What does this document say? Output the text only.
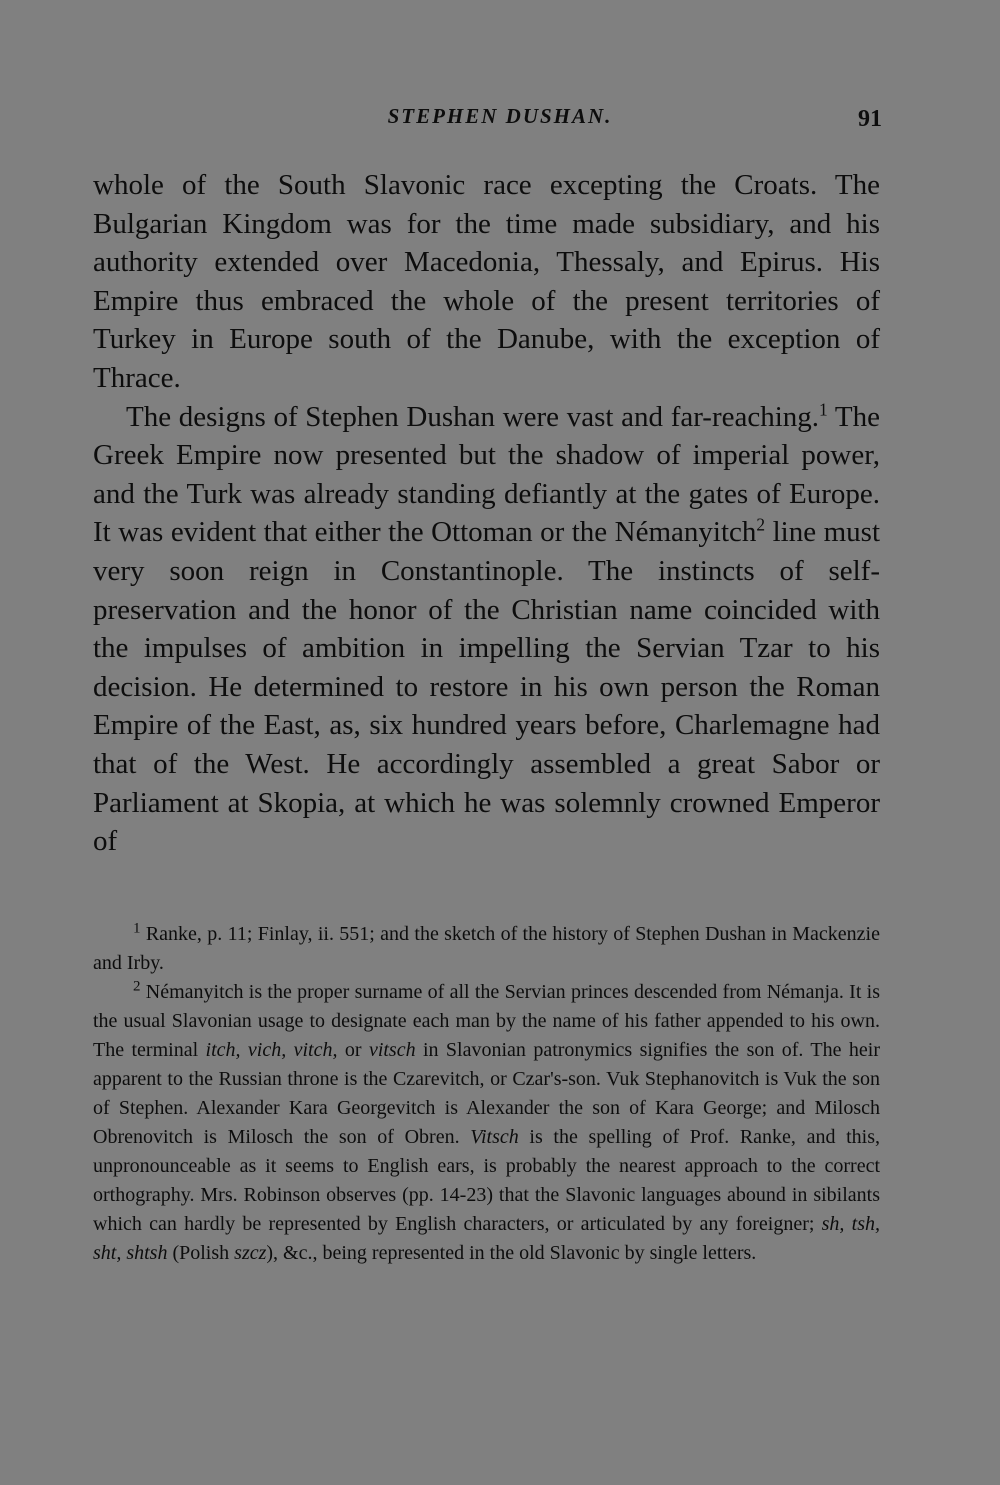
STEPHEN DUSHAN.	91

whole of the South Slavonic race excepting the Croats. The Bulgarian Kingdom was for the time made subsidiary, and his authority extended over Macedonia, Thessaly, and Epirus. His Empire thus embraced the whole of the present territories of Turkey in Europe south of the Danube, with the exception of Thrace.

The designs of Stephen Dushan were vast and far-reaching.$^1$ The Greek Empire now presented but the shadow of imperial power, and the Turk was already standing defiantly at the gates of Europe. It was evident that either the Ottoman or the Némanyitch$^2$ line must very soon reign in Constantinople. The instincts of self-preservation and the honor of the Christian name coincided with the impulses of ambition in impelling the Servian Tzar to his decision. He determined to restore in his own person the Roman Empire of the East, as, six hundred years before, Charlemagne had that of the West. He accordingly assembled a great Sabor or Parliament at Skopia, at which he was solemnly crowned Emperor of

$^1$ Ranke, p. 11; Finlay, ii. 551; and the sketch of the history of Stephen Dushan in Mackenzie and Irby.

$^2$ Némanyitch is the proper surname of all the Servian princes descended from Némanja. It is the usual Slavonian usage to designate each man by the name of his father appended to his own. The terminal itch, vich, vitch, or vitsch in Slavonian patronymics signifies the son of. The heir apparent to the Russian throne is the Czarevitch, or Czar's-son. Vuk Stephanovitch is Vuk the son of Stephen. Alexander Kara Georgevitch is Alexander the son of Kara George; and Milosch Obrenovitch is Milosch the son of Obren. Vitsch is the spelling of Prof. Ranke, and this, unpronounceable as it seems to English ears, is probably the nearest approach to the correct orthography. Mrs. Robinson observes (pp. 14-23) that the Slavonic languages abound in sibilants which can hardly be represented by English characters, or articulated by any foreigner; sh, tsh, sht, shtsh (Polish szcz), &c., being represented in the old Slavonic by single letters.
